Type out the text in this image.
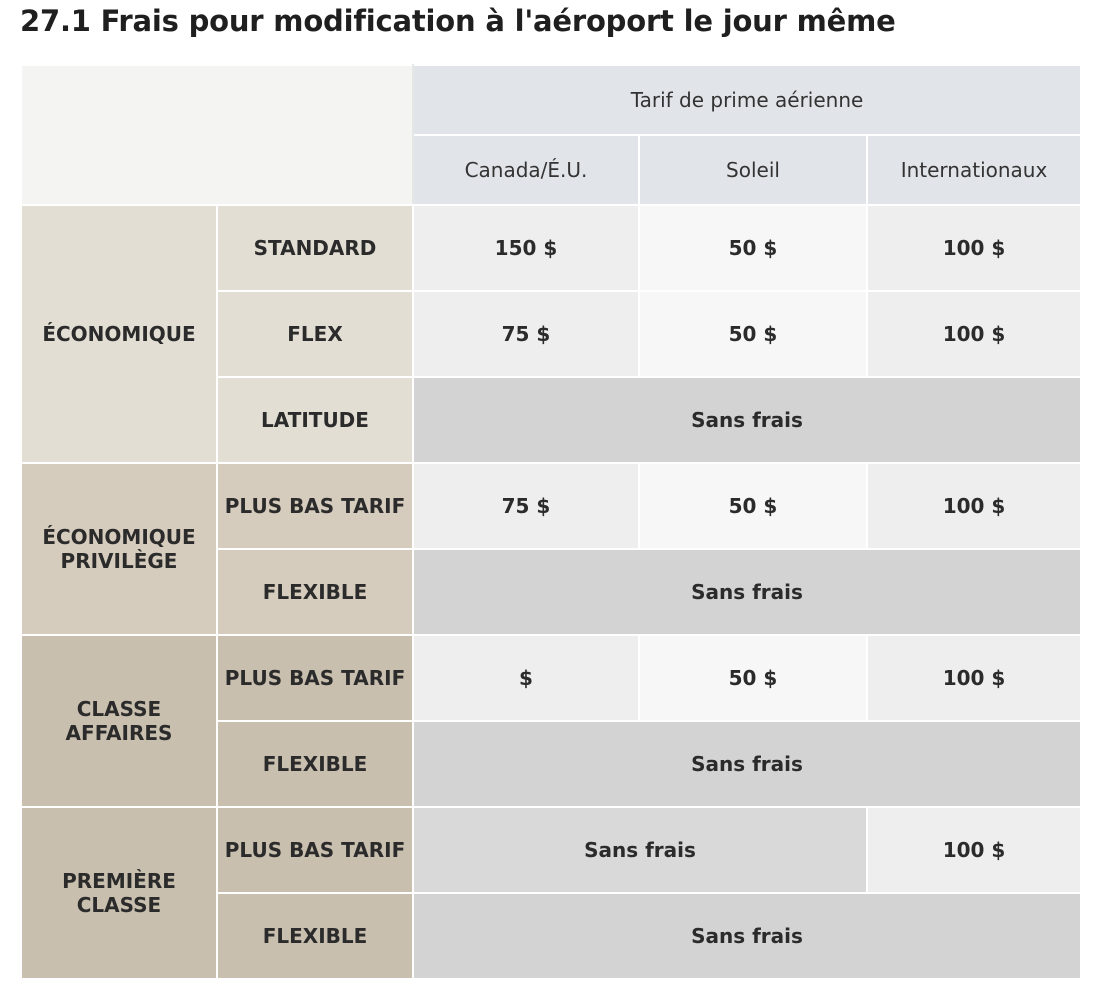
27.1 Frais pour modification à l'aéroport le jour même
		Tarif de prime aérienne		
		Canada/É.U.	Soleil	Internationaux
ÉCONOMIQUE	STANDARD	150 $	50 $	100 $
	FLEX	75 $	50 $	100 $
	LATITUDE	Sans frais		
ÉCONOMIQUE PRIVILÈGE	PLUS BAS TARIF	75 $	50 $	100 $
	FLEXIBLE	Sans frais		
CLASSE AFFAIRES	PLUS BAS TARIF	$	50 $	100 $
	FLEXIBLE	Sans frais		
PREMIÈRE CLASSE	PLUS BAS TARIF	Sans frais		100 $
	FLEXIBLE	Sans frais		
